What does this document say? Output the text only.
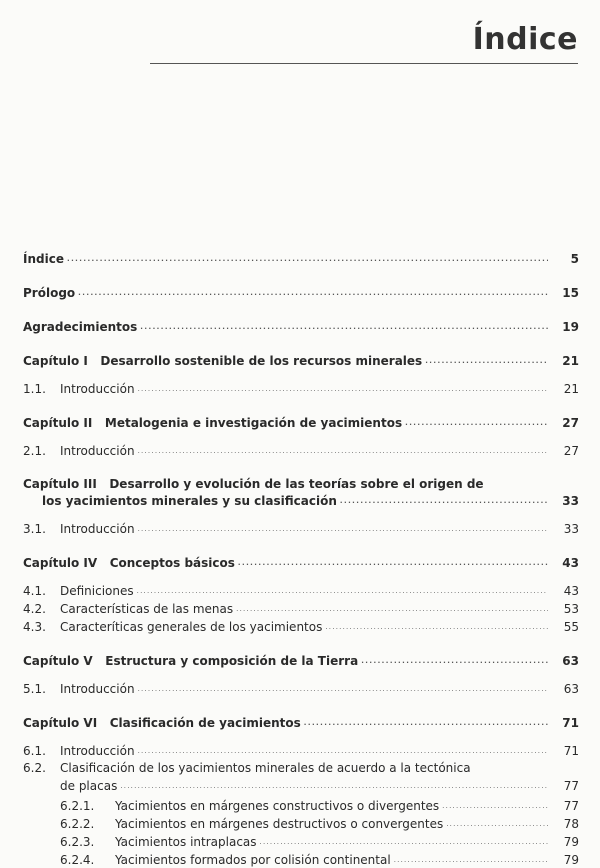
Índice
Índice . . .	5
Prólogo . . .	15
Agradecimientos . . .	19
Capítulo I   Desarrollo sostenible de los recursos minerales . . .	21
1.1. Introducción . . .	21
Capítulo II   Metalogenia e investigación de yacimientos . . .	27
2.1. Introducción . . .	27
Capítulo III   Desarrollo y evolución de las teorías sobre el origen de
los yacimientos minerales y su clasificación . . .	33
3.1. Introducción . . .	33
Capítulo IV   Conceptos básicos . . .	43
4.1. Definiciones . . .	43
4.2. Características de las menas . . .	53
4.3. Caracteríticas generales de los yacimientos . . .	55
Capítulo V   Estructura y composición de la Tierra . . .	63
5.1. Introducción . . .	63
Capítulo VI   Clasificación de yacimientos . . .	71
6.1. Introducción . . .	71
6.2. Clasificación de los yacimientos minerales de acuerdo a la tectónica
de placas . . .	77
6.2.1. Yacimientos en márgenes constructivos o divergentes . . .	77
6.2.2. Yacimientos en márgenes destructivos o convergentes . . .	78
6.2.3. Yacimientos intraplacas . . .	79
6.2.4. Yacimientos formados por colisión continental . . .	79
